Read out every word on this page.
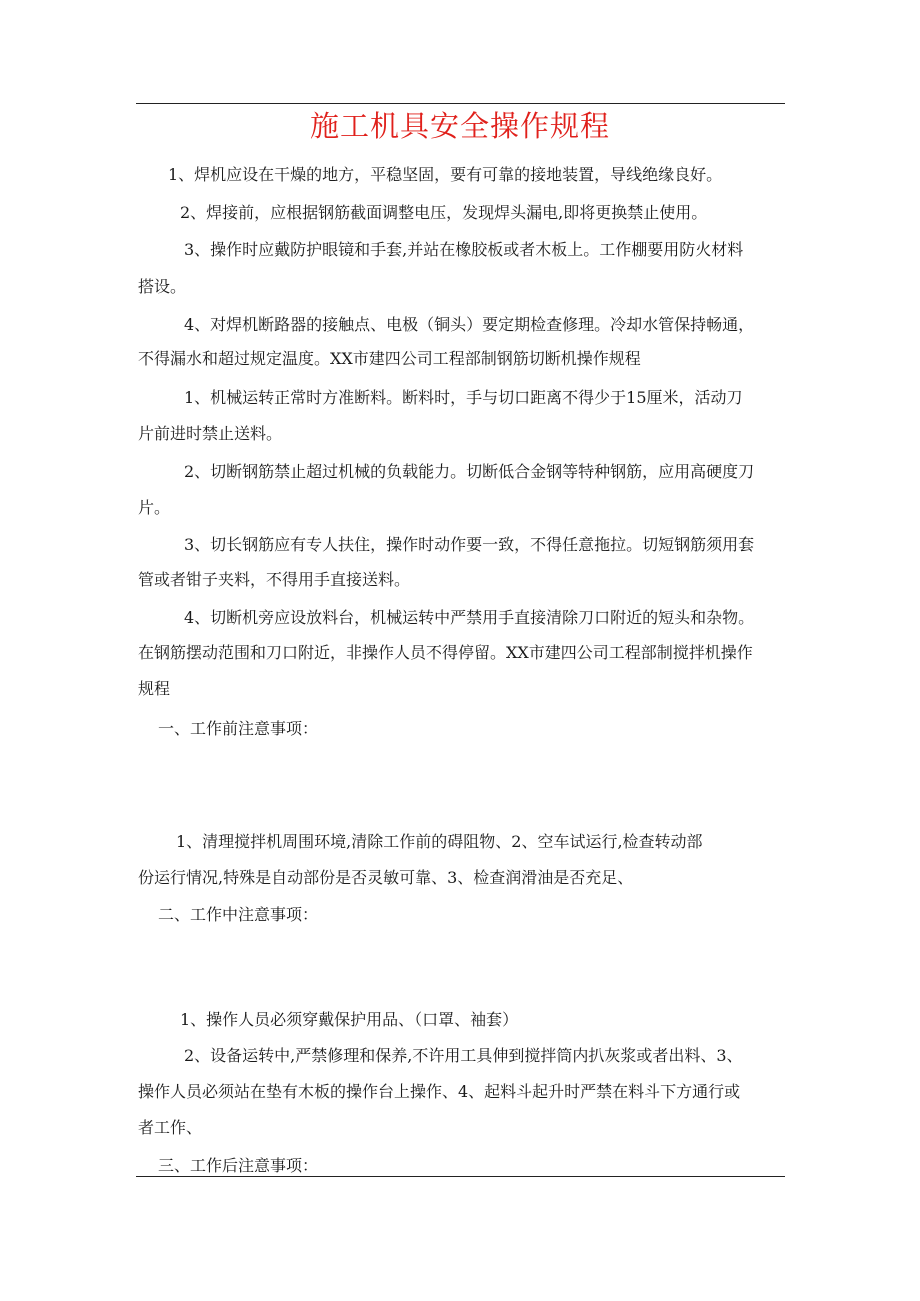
施工机具安全操作规程
1、焊机应设在干燥的地方，平稳坚固，要有可靠的接地装置，导线绝缘良好。
2、焊接前，应根据钢筋截面调整电压，发现焊头漏电,即将更换禁止使用。
3、操作时应戴防护眼镜和手套,并站在橡胶板或者木板上。工作棚要用防火材料
搭设。
4、对焊机断路器的接触点、电极（铜头）要定期检查修理。冷却水管保持畅通，
不得漏水和超过规定温度。XX市建四公司工程部制钢筋切断机操作规程
1、机械运转正常时方准断料。断料时，手与切口距离不得少于15厘米，活动刀
片前进时禁止送料。
2、切断钢筋禁止超过机械的负载能力。切断低合金钢等特种钢筋，应用高硬度刀
片。
3、切长钢筋应有专人扶住，操作时动作要一致，不得任意拖拉。切短钢筋须用套
管或者钳子夹料，不得用手直接送料。
4、切断机旁应设放料台，机械运转中严禁用手直接清除刀口附近的短头和杂物。
在钢筋摆动范围和刀口附近，非操作人员不得停留。XX市建四公司工程部制搅拌机操作
规程
一、工作前注意事项：
1、清理搅拌机周围环境,清除工作前的碍阻物、2、空车试运行,检查转动部
份运行情况,特殊是自动部份是否灵敏可靠、3、检查润滑油是否充足、
二、工作中注意事项：
1、操作人员必须穿戴保护用品、（口罩、袖套）
2、设备运转中,严禁修理和保养,不许用工具伸到搅拌筒内扒灰浆或者出料、3、
操作人员必须站在垫有木板的操作台上操作、4、起料斗起升时严禁在料斗下方通行或
者工作、
三、工作后注意事项：
